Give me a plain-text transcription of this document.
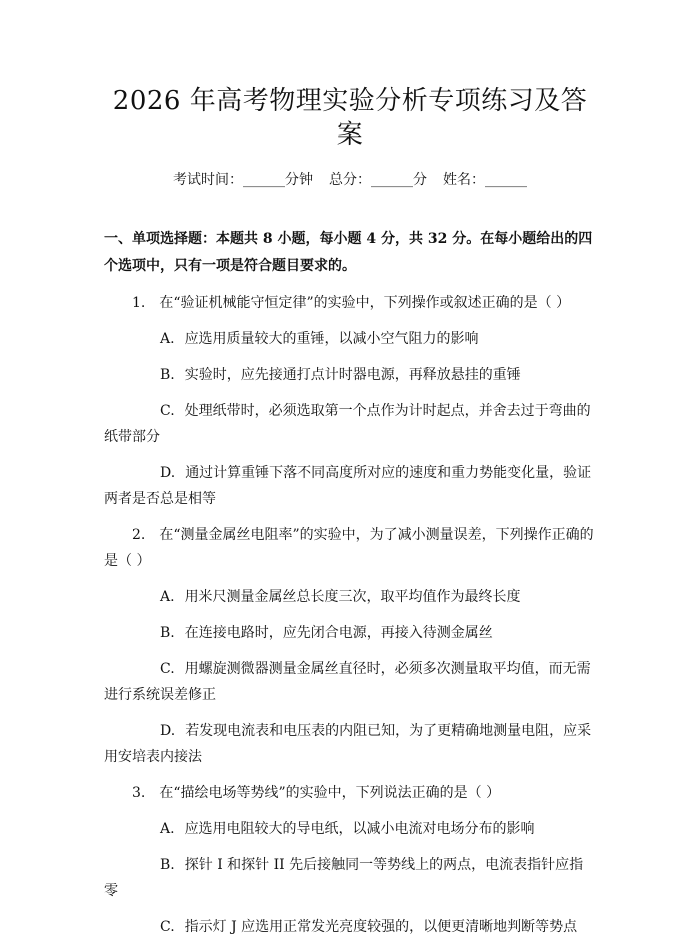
2026 年高考物理实验分析专项练习及答案
考试时间：______分钟 总分：______分 姓名：______
一、单项选择题：本题共 8 小题，每小题 4 分，共 32 分。在每小题给出的四个选项中，只有一项是符合题目要求的。
1. 在“验证机械能守恒定律”的实验中，下列操作或叙述正确的是（ ）
A. 应选用质量较大的重锤，以减小空气阻力的影响
B. 实验时，应先接通打点计时器电源，再释放悬挂的重锤
C. 处理纸带时，必须选取第一个点作为计时起点，并舍去过于弯曲的纸带部分
D. 通过计算重锤下落不同高度所对应的速度和重力势能变化量，验证两者是否总是相等
2. 在“测量金属丝电阻率”的实验中，为了减小测量误差，下列操作正确的是（ ）
A. 用米尺测量金属丝总长度三次，取平均值作为最终长度
B. 在连接电路时，应先闭合电源，再接入待测金属丝
C. 用螺旋测微器测量金属丝直径时，必须多次测量取平均值，而无需进行系统误差修正
D. 若发现电流表和电压表的内阻已知，为了更精确地测量电阻，应采用安培表内接法
3. 在“描绘电场等势线”的实验中，下列说法正确的是（ ）
A. 应选用电阻较大的导电纸，以减小电流对电场分布的影响
B. 探针 I 和探针 II 先后接触同一等势线上的两点，电流表指针应指零
C. 指示灯 J 应选用正常发光亮度较强的，以便更清晰地判断等势点
